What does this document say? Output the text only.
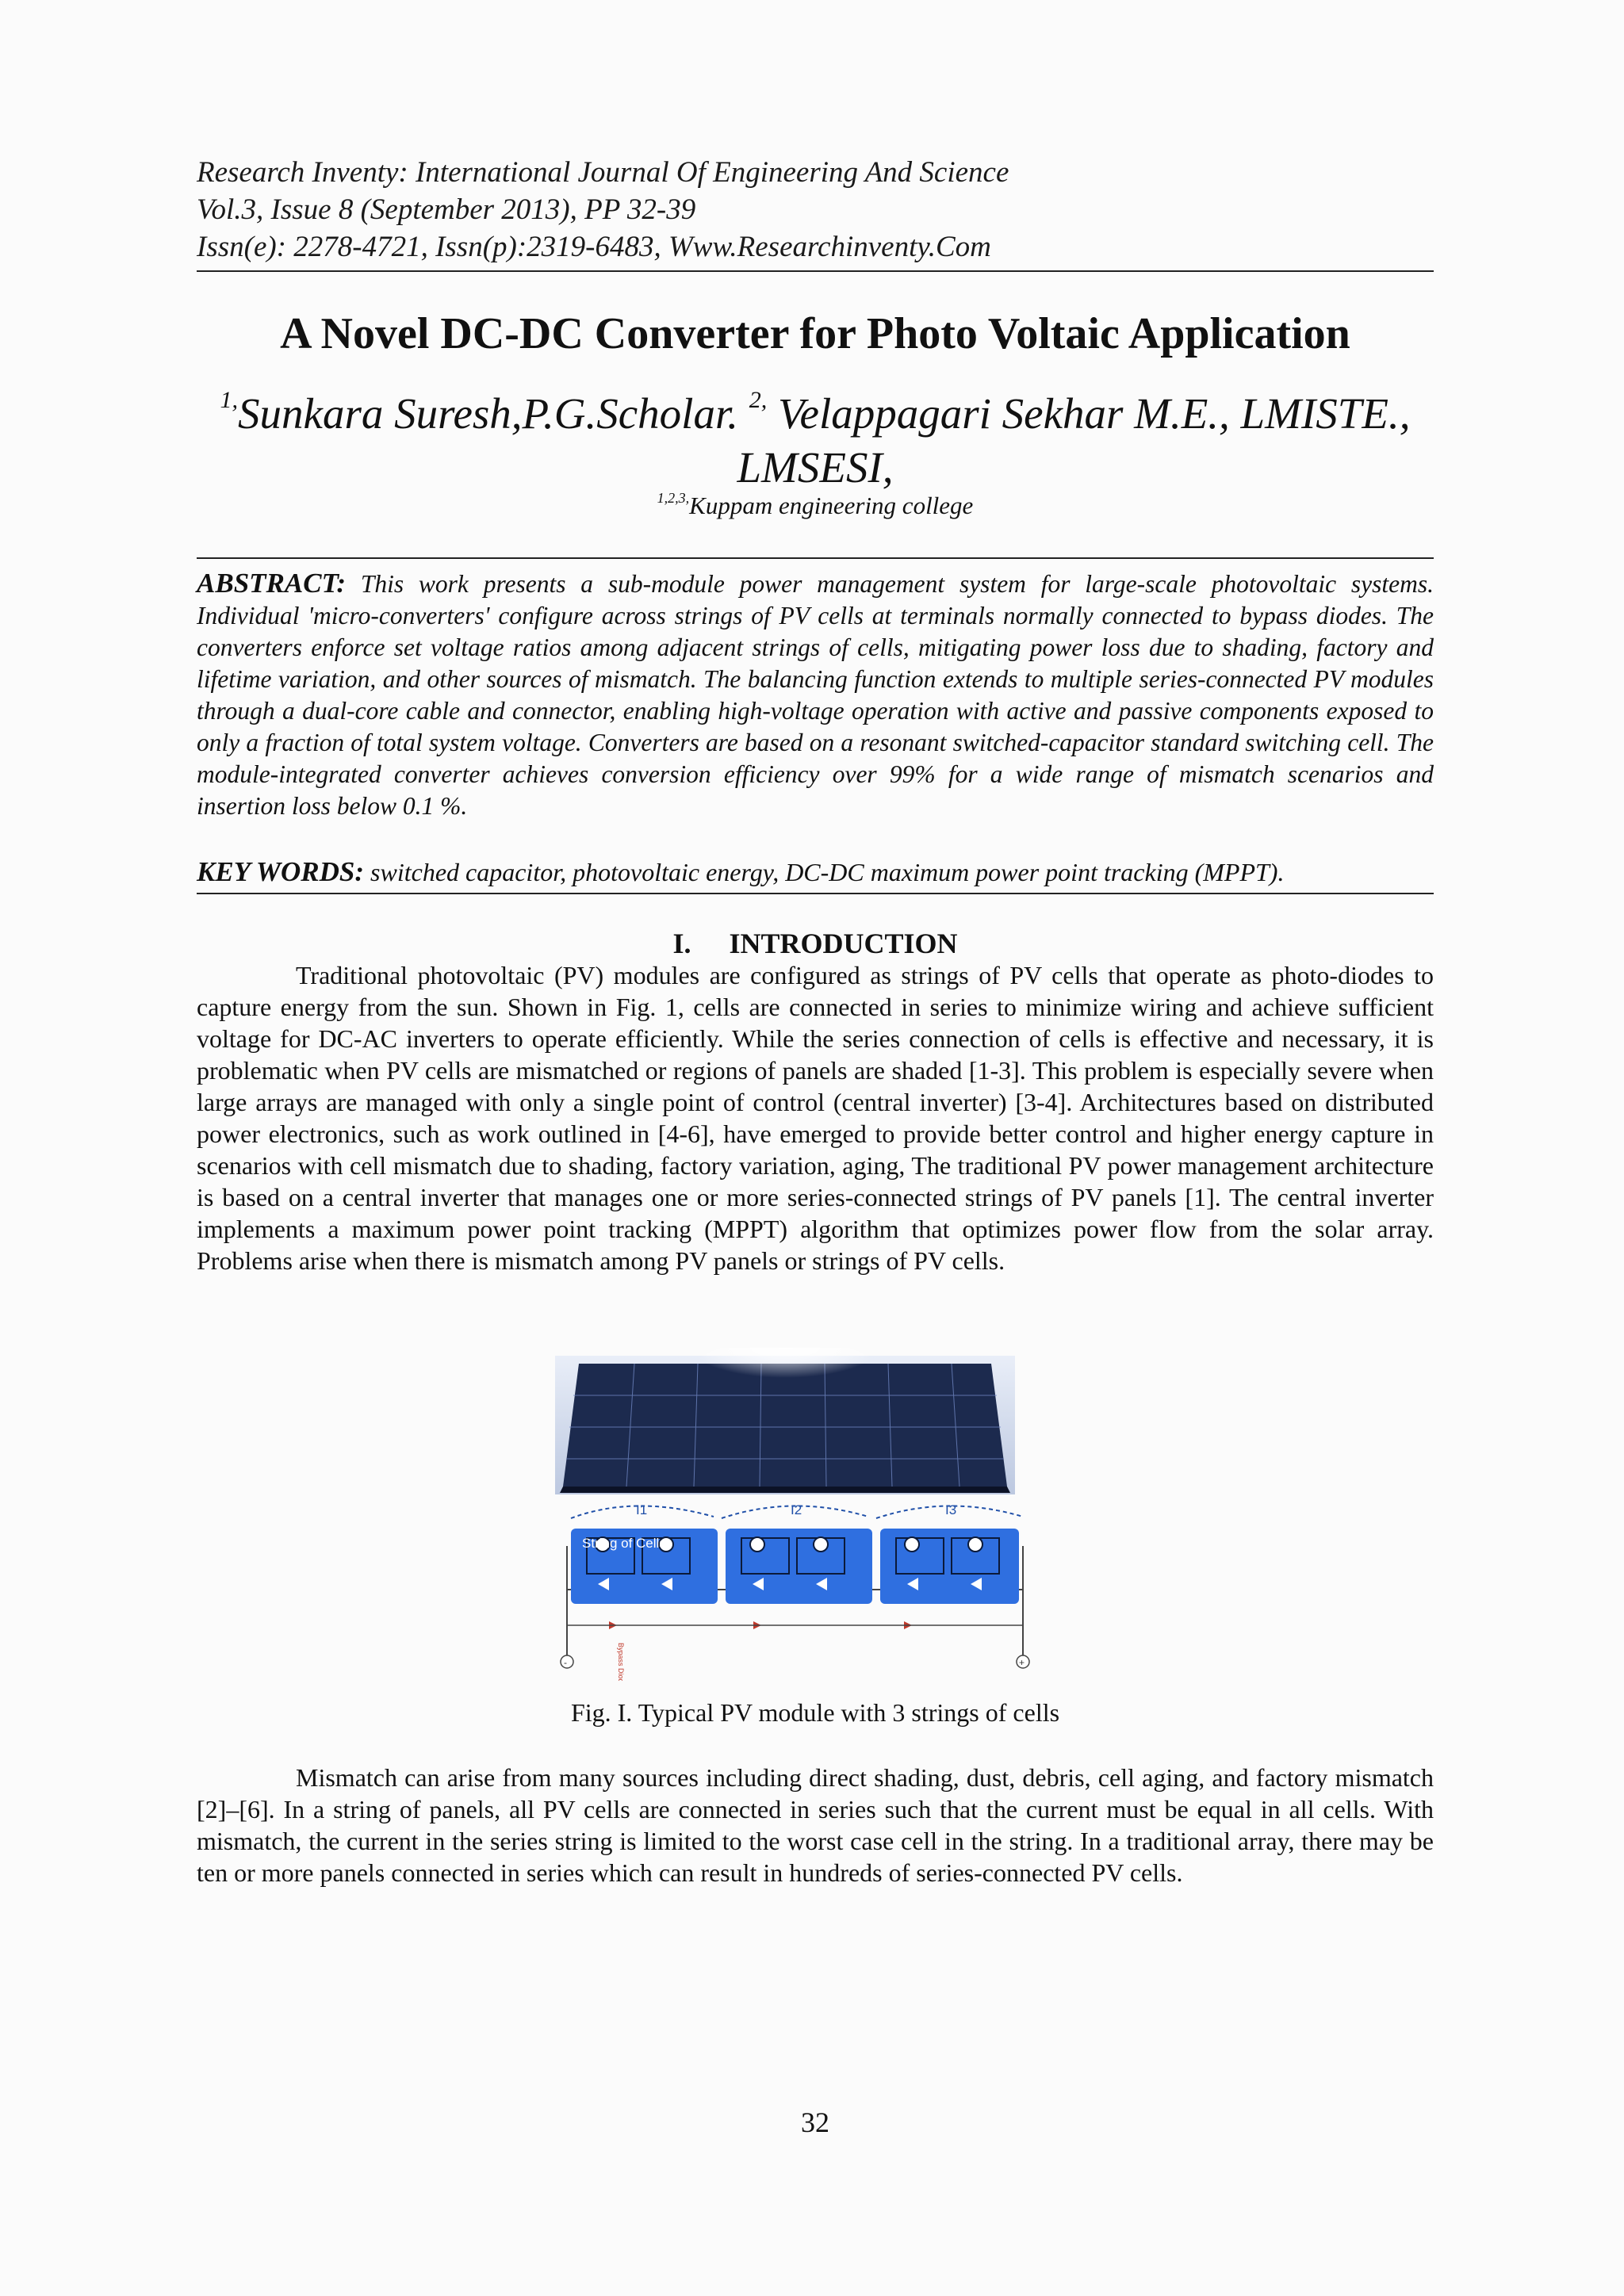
Research Inventy: International Journal Of Engineering And Science
Vol.3, Issue 8 (September 2013), PP 32-39
Issn(e): 2278-4721, Issn(p):2319-6483, Www.Researchinventy.Com
A Novel DC-DC Converter for Photo Voltaic Application
$^{1,}$Sunkara Suresh,P.G.Scholar. $^{2,}$ Velappagari Sekhar M.E., LMISTE.,
LMSESI,
$^{1,2,3,}$Kuppam engineering college
ABSTRACT: This work presents a sub-module power management system for large-scale photovoltaic systems. Individual 'micro-converters' configure across strings of PV cells at terminals normally connected to bypass diodes. The converters enforce set voltage ratios among adjacent strings of cells, mitigating power loss due to shading, factory and lifetime variation, and other sources of mismatch. The balancing function extends to multiple series-connected PV modules through a dual-core cable and connector, enabling high-voltage operation with active and passive components exposed to only a fraction of total system voltage. Converters are based on a resonant switched-capacitor standard switching cell. The module-integrated converter achieves conversion efficiency over 99% for a wide range of mismatch scenarios and insertion loss below 0.1 %.
KEY WORDS: switched capacitor, photovoltaic energy, DC-DC maximum power point tracking (MPPT).
I. INTRODUCTION

Traditional photovoltaic (PV) modules are configured as strings of PV cells that operate as photo-diodes to capture energy from the sun. Shown in Fig. 1, cells are connected in series to minimize wiring and achieve sufficient voltage for DC-AC inverters to operate efficiently. While the series connection of cells is effective and necessary, it is problematic when PV cells are mismatched or regions of panels are shaded [1-3]. This problem is especially severe when large arrays are managed with only a single point of control (central inverter) [3-4]. Architectures based on distributed power electronics, such as work outlined in [4-6], have emerged to provide better control and higher energy capture in scenarios with cell mismatch due to shading, factory variation, aging, The traditional PV power management architecture is based on a central inverter that manages one or more series-connected strings of PV panels [1]. The central inverter implements a maximum power point tracking (MPPT) algorithm that optimizes power flow from the solar array. Problems arise when there is mismatch among PV panels or strings of PV cells.

I1	I2	I3
String of Cells
Bypass Diodes
-	+
Fig. I. Typical PV module with 3 strings of cells

Mismatch can arise from many sources including direct shading, dust, debris, cell aging, and factory mismatch [2]–[6]. In a string of panels, all PV cells are connected in series such that the current must be equal in all cells. With mismatch, the current in the series string is limited to the worst case cell in the string. In a traditional array, there may be ten or more panels connected in series which can result in hundreds of series-connected PV cells.

32
